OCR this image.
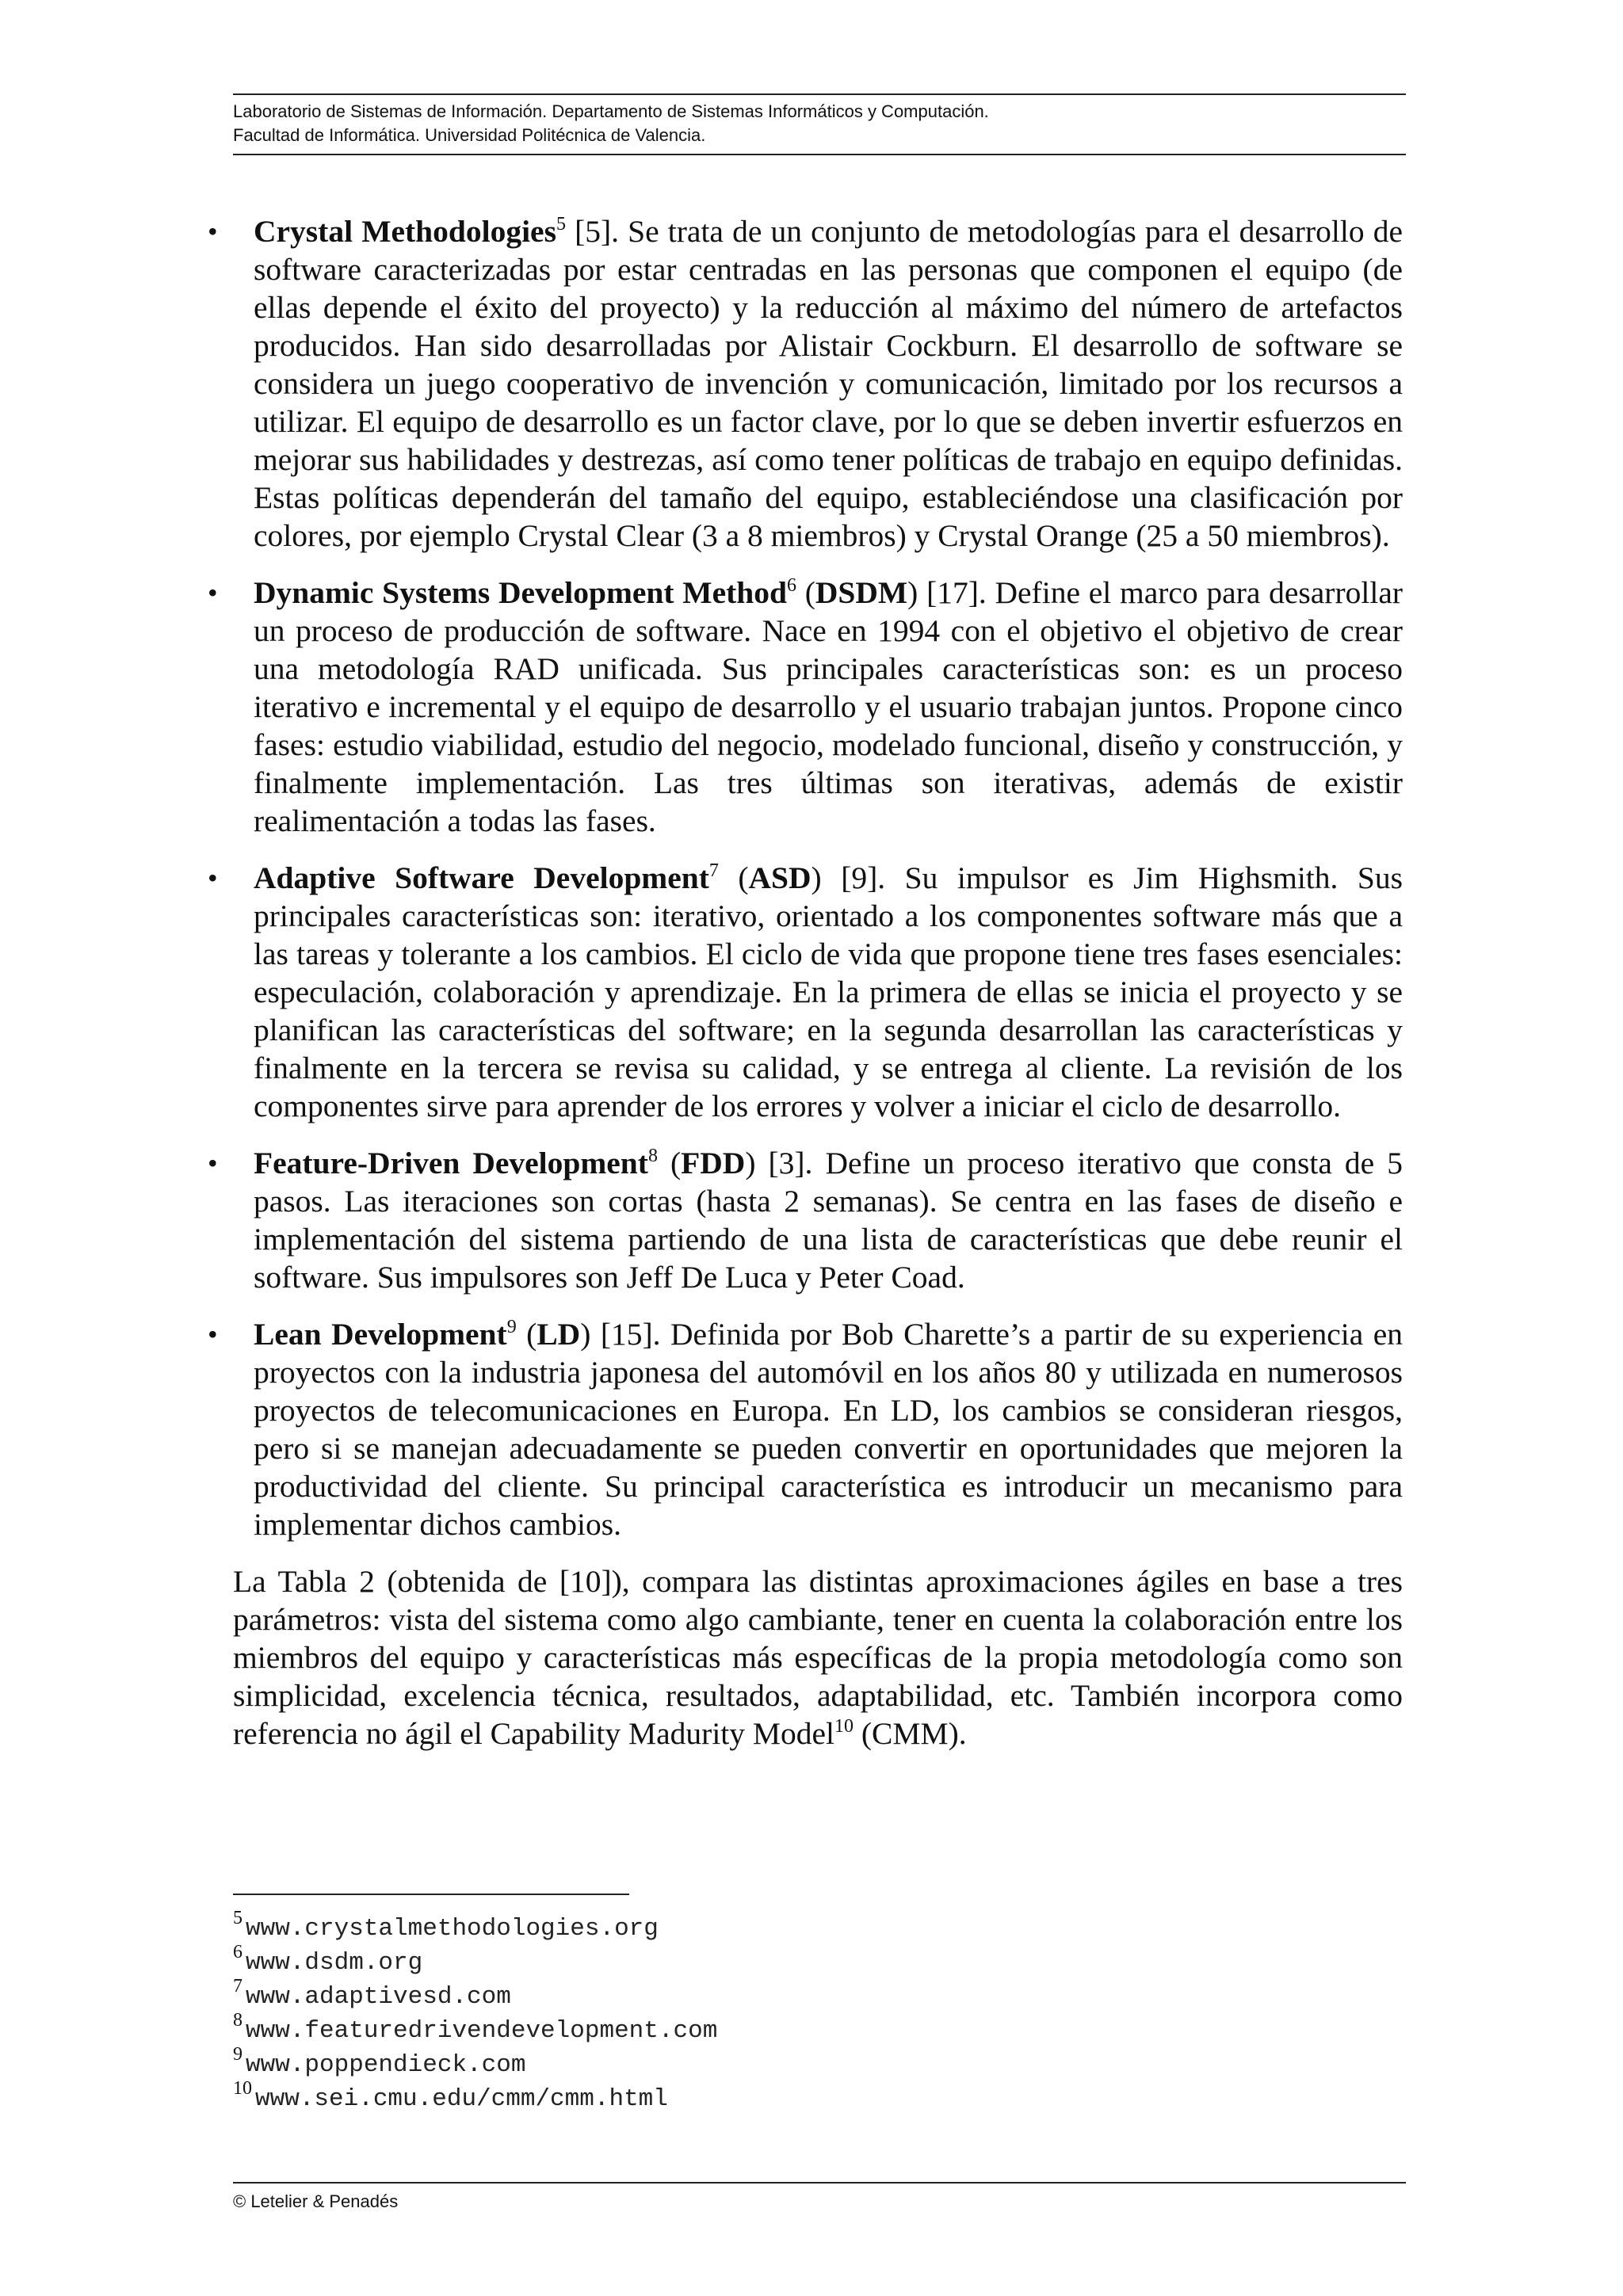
Laboratorio de Sistemas de Información. Departamento de Sistemas Informáticos y Computación.
Facultad de Informática. Universidad Politécnica de Valencia.
• Crystal Methodologies$^5$ [5]. Se trata de un conjunto de metodologías para el desarrollo de software caracterizadas por estar centradas en las personas que componen el equipo (de ellas depende el éxito del proyecto) y la reducción al máximo del número de artefactos producidos. Han sido desarrolladas por Alistair Cockburn. El desarrollo de software se considera un juego cooperativo de invención y comunicación, limitado por los recursos a utilizar. El equipo de desarrollo es un factor clave, por lo que se deben invertir esfuerzos en mejorar sus habilidades y destrezas, así como tener políticas de trabajo en equipo definidas. Estas políticas dependerán del tamaño del equipo, estableciéndose una clasificación por colores, por ejemplo Crystal Clear (3 a 8 miembros) y Crystal Orange (25 a 50 miembros).
• Dynamic Systems Development Method$^6$ (DSDM) [17]. Define el marco para desarrollar un proceso de producción de software. Nace en 1994 con el objetivo el objetivo de crear una metodología RAD unificada. Sus principales características son: es un proceso iterativo e incremental y el equipo de desarrollo y el usuario trabajan juntos. Propone cinco fases: estudio viabilidad, estudio del negocio, modelado funcional, diseño y construcción, y finalmente implementación. Las tres últimas son iterativas, además de existir realimentación a todas las fases.
• Adaptive Software Development$^7$ (ASD) [9]. Su impulsor es Jim Highsmith. Sus principales características son: iterativo, orientado a los componentes software más que a las tareas y tolerante a los cambios. El ciclo de vida que propone tiene tres fases esenciales: especulación, colaboración y aprendizaje. En la primera de ellas se inicia el proyecto y se planifican las características del software; en la segunda desarrollan las características y finalmente en la tercera se revisa su calidad, y se entrega al cliente. La revisión de los componentes sirve para aprender de los errores y volver a iniciar el ciclo de desarrollo.
• Feature-Driven Development$^8$ (FDD) [3]. Define un proceso iterativo que consta de 5 pasos. Las iteraciones son cortas (hasta 2 semanas). Se centra en las fases de diseño e implementación del sistema partiendo de una lista de características que debe reunir el software. Sus impulsores son Jeff De Luca y Peter Coad.
• Lean Development$^9$ (LD) [15]. Definida por Bob Charette’s a partir de su experiencia en proyectos con la industria japonesa del automóvil en los años 80 y utilizada en numerosos proyectos de telecomunicaciones en Europa. En LD, los cambios se consideran riesgos, pero si se manejan adecuadamente se pueden convertir en oportunidades que mejoren la productividad del cliente. Su principal característica es introducir un mecanismo para implementar dichos cambios.

La Tabla 2 (obtenida de [10]), compara las distintas aproximaciones ágiles en base a tres parámetros: vista del sistema como algo cambiante, tener en cuenta la colaboración entre los miembros del equipo y características más específicas de la propia metodología como son simplicidad, excelencia técnica, resultados, adaptabilidad, etc. También incorpora como referencia no ágil el Capability Madurity Model$^{10}$ (CMM).

5 www.crystalmethodologies.org
6 www.dsdm.org
7 www.adaptivesd.com
8 www.featuredrivendevelopment.com
9 www.poppendieck.com
10 www.sei.cmu.edu/cmm/cmm.html
© Letelier & Penadés
